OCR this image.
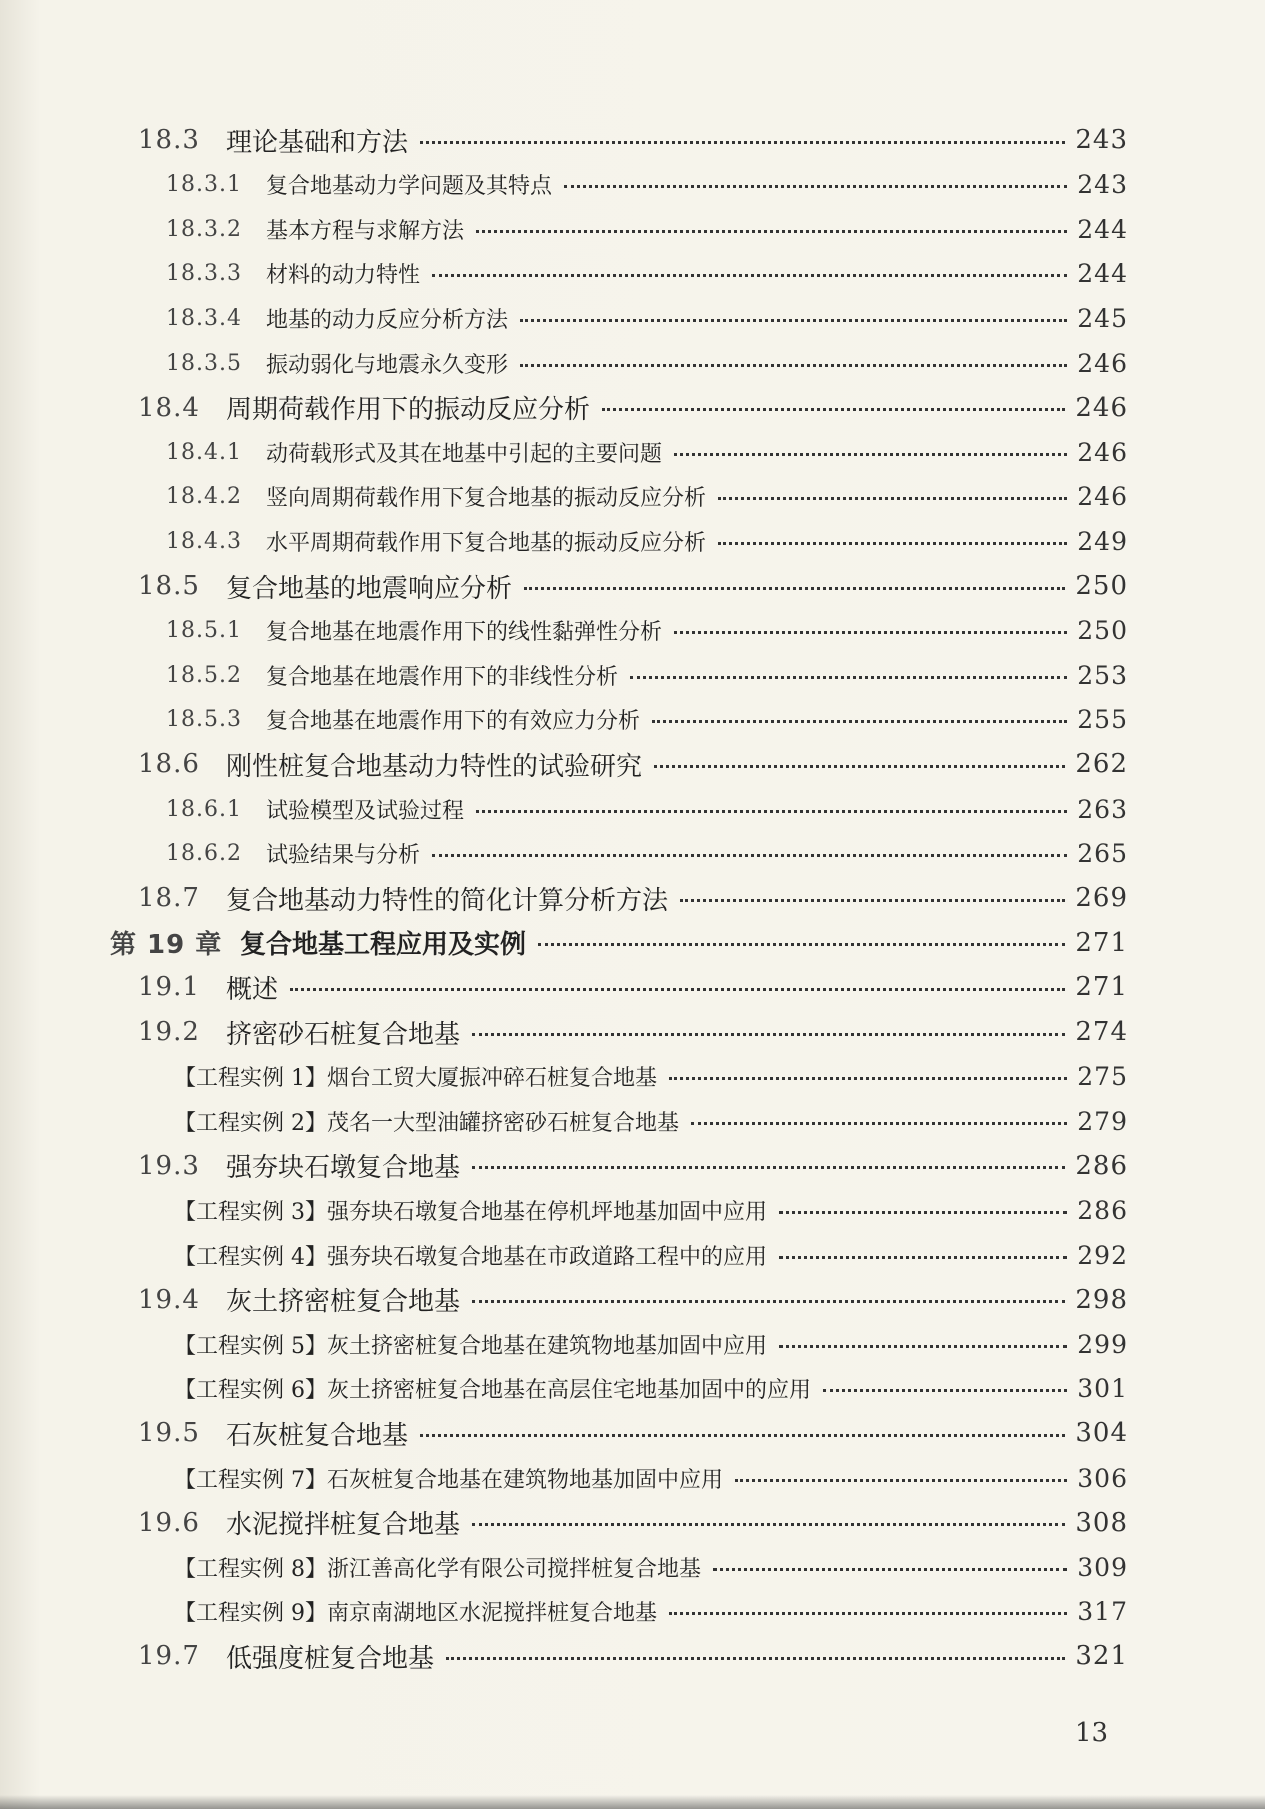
18.3	理论基础和方法	243
18.3.1	复合地基动力学问题及其特点	243
18.3.2	基本方程与求解方法	244
18.3.3	材料的动力特性	244
18.3.4	地基的动力反应分析方法	245
18.3.5	振动弱化与地震永久变形	246
18.4	周期荷载作用下的振动反应分析	246
18.4.1	动荷载形式及其在地基中引起的主要问题	246
18.4.2	竖向周期荷载作用下复合地基的振动反应分析	246
18.4.3	水平周期荷载作用下复合地基的振动反应分析	249
18.5	复合地基的地震响应分析	250
18.5.1	复合地基在地震作用下的线性黏弹性分析	250
18.5.2	复合地基在地震作用下的非线性分析	253
18.5.3	复合地基在地震作用下的有效应力分析	255
18.6	刚性桩复合地基动力特性的试验研究	262
18.6.1	试验模型及试验过程	263
18.6.2	试验结果与分析	265
18.7	复合地基动力特性的简化计算分析方法	269
第 19 章 复合地基工程应用及实例	271
19.1	概述	271
19.2	挤密砂石桩复合地基	274
【工程实例 1】 烟台工贸大厦振冲碎石桩复合地基	275
【工程实例 2】 茂名一大型油罐挤密砂石桩复合地基	279
19.3	强夯块石墩复合地基	286
【工程实例 3】 强夯块石墩复合地基在停机坪地基加固中应用	286
【工程实例 4】 强夯块石墩复合地基在市政道路工程中的应用	292
19.4	灰土挤密桩复合地基	298
【工程实例 5】 灰土挤密桩复合地基在建筑物地基加固中应用	299
【工程实例 6】 灰土挤密桩复合地基在高层住宅地基加固中的应用	301
19.5	石灰桩复合地基	304
【工程实例 7】 石灰桩复合地基在建筑物地基加固中应用	306
19.6	水泥搅拌桩复合地基	308
【工程实例 8】 浙江善高化学有限公司搅拌桩复合地基	309
【工程实例 9】 南京南湖地区水泥搅拌桩复合地基	317
19.7	低强度桩复合地基	321
13
